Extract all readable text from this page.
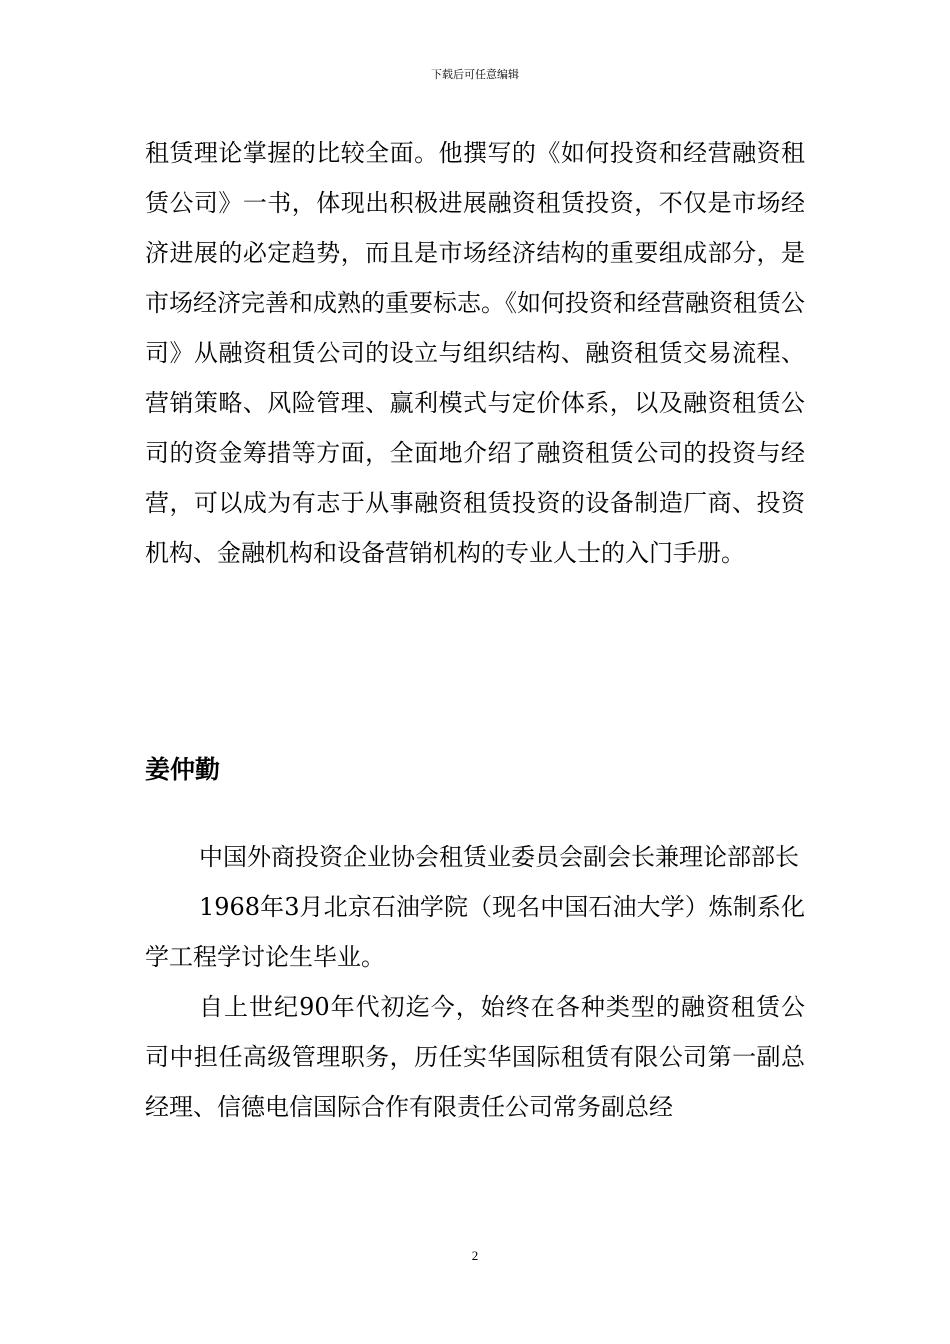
下载后可任意编辑

租赁理论掌握的比较全面。他撰写的《如何投资和经营融资租赁公司》一书，体现出积极进展融资租赁投资，不仅是市场经济进展的必定趋势，而且是市场经济结构的重要组成部分，是市场经济完善和成熟的重要标志。《如何投资和经营融资租赁公司》从融资租赁公司的设立与组织结构、融资租赁交易流程、营销策略、风险管理、赢利模式与定价体系，以及融资租赁公司的资金筹措等方面，全面地介绍了融资租赁公司的投资与经营，可以成为有志于从事融资租赁投资的设备制造厂商、投资机构、金融机构和设备营销机构的专业人士的入门手册。

姜仲勤

中国外商投资企业协会租赁业委员会副会长兼理论部部长

1968年3月北京石油学院（现名中国石油大学）炼制系化学工程学讨论生毕业。

自上世纪90年代初迄今，始终在各种类型的融资租赁公司中担任高级管理职务，历任实华国际租赁有限公司第一副总经理、信德电信国际合作有限责任公司常务副总经

2
